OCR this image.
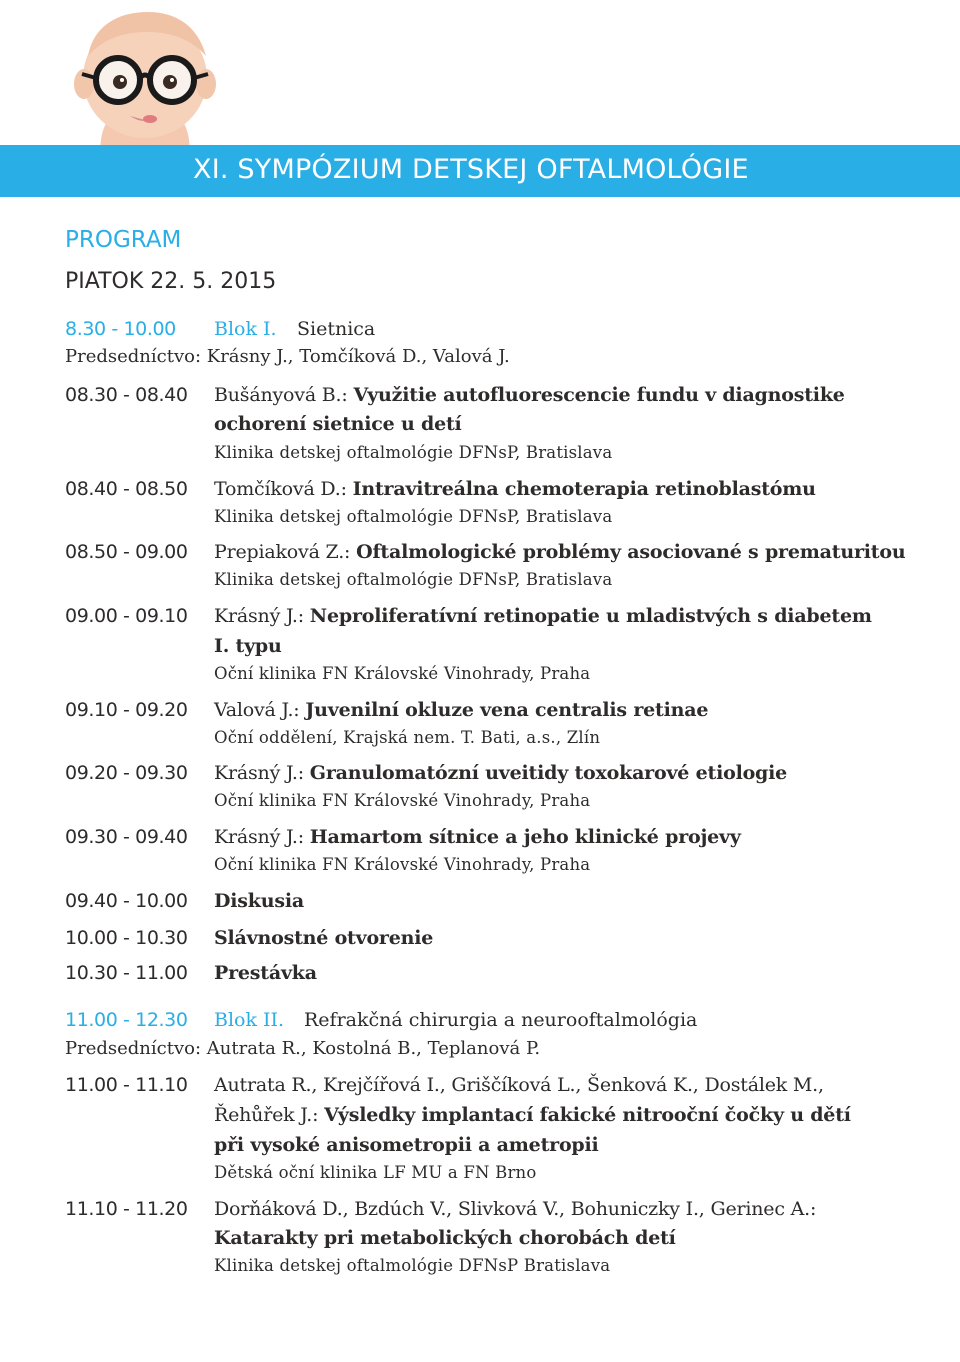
XI. SYMPÓZIUM DETSKEJ OFTALMOLÓGIE
PROGRAM
PIATOK 22. 5. 2015
8.30 - 10.00 Blok I. Sietnica
Predsedníctvo: Krásny J., Tomčíková D., Valová J.
08.30 - 08.40 Bušányová B.: Využitie autofluorescencie fundu v diagnostike
ochorení sietnice u detí
Klinika detskej oftalmológie DFNsP, Bratislava
08.40 - 08.50 Tomčíková D.: Intravitreálna chemoterapia retinoblastómu
Klinika detskej oftalmológie DFNsP, Bratislava
08.50 - 09.00 Prepiaková Z.: Oftalmologické problémy asociované s prematuritou
Klinika detskej oftalmológie DFNsP, Bratislava
09.00 - 09.10 Krásný J.: Neproliferatívní retinopatie u mladistvých s diabetem
I. typu
Oční klinika FN Královské Vinohrady, Praha
09.10 - 09.20 Valová J.: Juvenilní okluze vena centralis retinae
Oční oddělení, Krajská nem. T. Bati, a.s., Zlín
09.20 - 09.30 Krásný J.: Granulomatózní uveitidy toxokarové etiologie
Oční klinika FN Královské Vinohrady, Praha
09.30 - 09.40 Krásný J.: Hamartom sítnice a jeho klinické projevy
Oční klinika FN Královské Vinohrady, Praha
09.40 - 10.00 Diskusia
10.00 - 10.30 Slávnostné otvorenie
10.30 - 11.00 Prestávka
11.00 - 12.30 Blok II. Refrakčná chirurgia a neurooftalmológia
Predsedníctvo: Autrata R., Kostolná B., Teplanová P.
11.00 - 11.10 Autrata R., Krejčířová I., Griščíková L., Šenková K., Dostálek M.,
Řehůřek J.: Výsledky implantací fakické nitrooční čočky u dětí
při vysoké anisometropii a ametropii
Dětská oční klinika LF MU a FN Brno
11.10 - 11.20 Dorňáková D., Bzdúch V., Slivková V., Bohuniczky I., Gerinec A.:
Katarakty pri metabolických chorobách detí
Klinika detskej oftalmológie DFNsP Bratislava
